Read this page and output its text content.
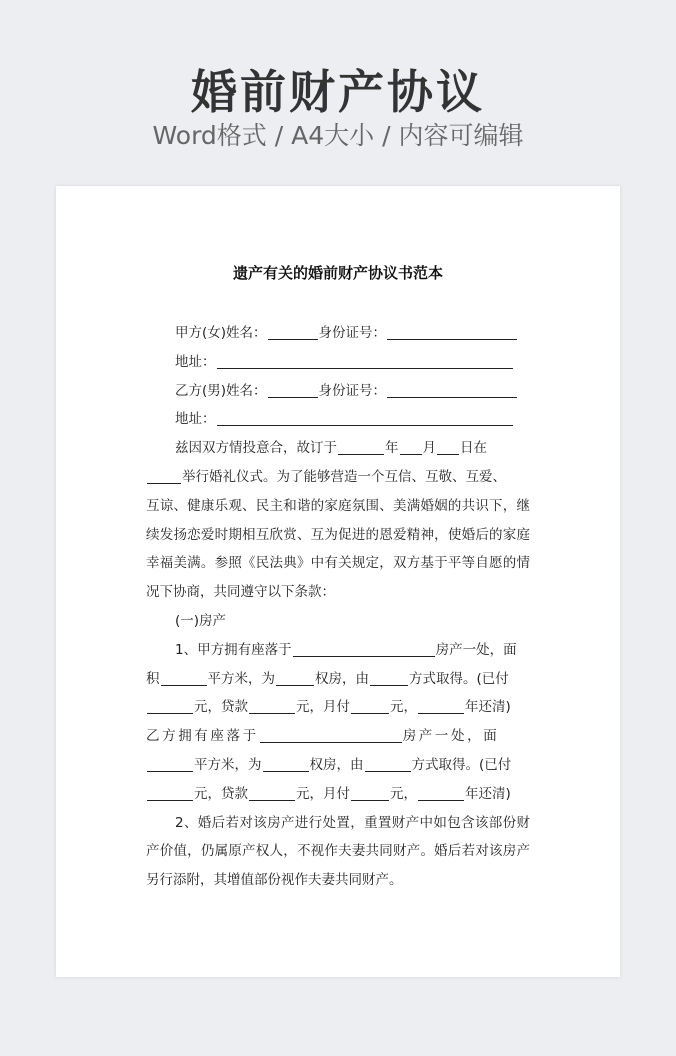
婚前财产协议
Word格式 / A4大小 / 内容可编辑
遗产有关的婚前财产协议书范本
甲方(女)姓名：	身份证号：
地址：
乙方(男)姓名：	身份证号：
地址：
兹因双方情投意合，故订于	年 月 日在
举行婚礼仪式。为了能够营造一个互信、互敬、互爱、
互谅、健康乐观、民主和谐的家庭氛围、美满婚姻的共识下，继
续发扬恋爱时期相互欣赏、互为促进的恩爱精神，使婚后的家庭
幸福美满。参照《民法典》中有关规定，双方基于平等自愿的情
况下协商，共同遵守以下条款：
(一)房产
1、甲方拥有座落于	房产一处，面
积	平方米，为	权房，由	方式取得。(已付
元，贷款	元，月付	元，	年还清)
乙方拥有座落于	房产一处，面
平方米，为	权房，由	方式取得。(已付
元，贷款	元，月付	元，	年还清)
2、婚后若对该房产进行处置，重置财产中如包含该部份财
产价值，仍属原产权人，不视作夫妻共同财产。婚后若对该房产
另行添附，其增值部份视作夫妻共同财产。
